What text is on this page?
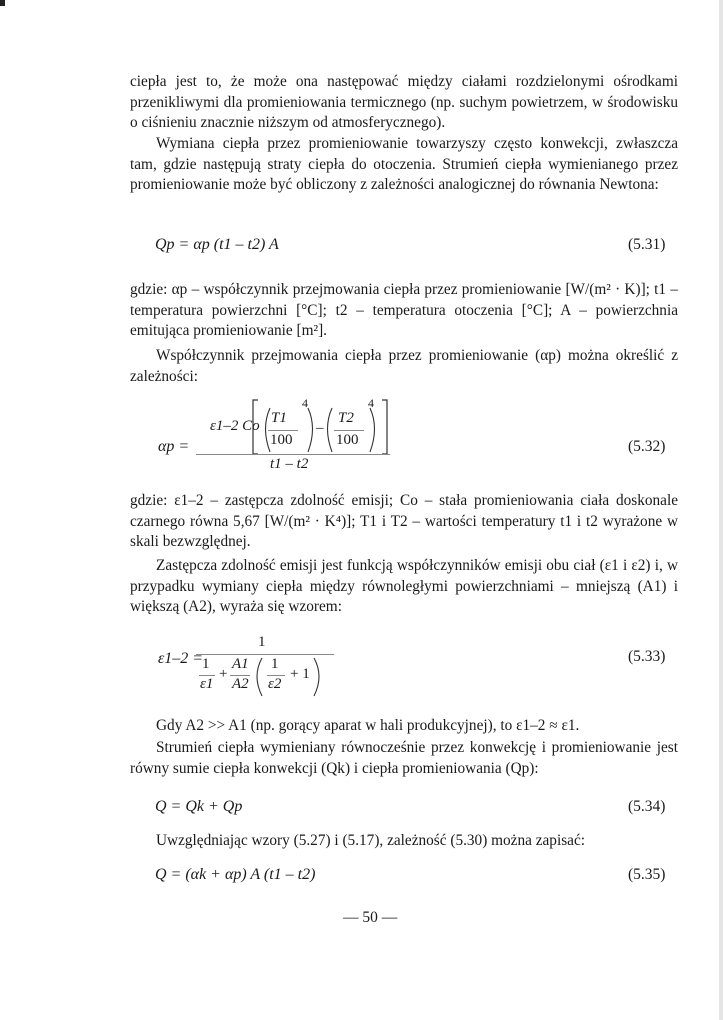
ciepła jest to, że może ona następować między ciałami rozdzielonymi ośrodkami przenikliwymi dla promieniowania termicznego (np. suchym powietrzem, w środowisku o ciśnieniu znacznie niższym od atmosferycznego).

Wymiana ciepła przez promieniowanie towarzyszy często konwekcji, zwłaszcza tam, gdzie następują straty ciepła do otoczenia. Strumień ciepła wymienianego przez promieniowanie może być obliczony z zależności analogicznej do równania Newtona:

Qp = αp (t1 – t2) A	(5.31)

gdzie: αp – współczynnik przejmowania ciepła przez promieniowanie [W/(m² · K)]; t1 – temperatura powierzchni [°C]; t2 – temperatura otoczenia [°C]; A – powierzchnia emitująca promieniowanie [m²].

Współczynnik przejmowania ciepła przez promieniowanie (αp) można określić z zależności:

αp =

ε1–2 Co T1

100

4

–

T2

100

4

t1 – t2

(5.32)

gdzie: ε1–2 – zastępcza zdolność emisji; Co – stała promieniowania ciała doskonale czarnego równa 5,67 [W/(m² · K⁴)]; T1 i T2 – wartości temperatury t1 i t2 wyrażone w skali bezwzględnej.

Zastępcza zdolność emisji jest funkcją współczynników emisji obu ciał (ε1 i ε2) i, w przypadku wymiany ciepła między równoległymi powierzchniami – mniejszą (A1) i większą (A2), wyraża się wzorem:

ε1–2 =

1

1

ε1

+

A1

A2

1

ε2

+ 1

(5.33)

Gdy A2 >> A1 (np. gorący aparat w hali produkcyjnej), to ε1–2 ≈ ε1.

Strumień ciepła wymieniany równocześnie przez konwekcję i promieniowanie jest równy sumie ciepła konwekcji (Qk) i ciepła promieniowania (Qp):

Q = Qk + Qp	(5.34)

Uwzględniając wzory (5.27) i (5.17), zależność (5.30) można zapisać:

Q = (αk + αp) A (t1 – t2)	(5.35)

— 50 —
